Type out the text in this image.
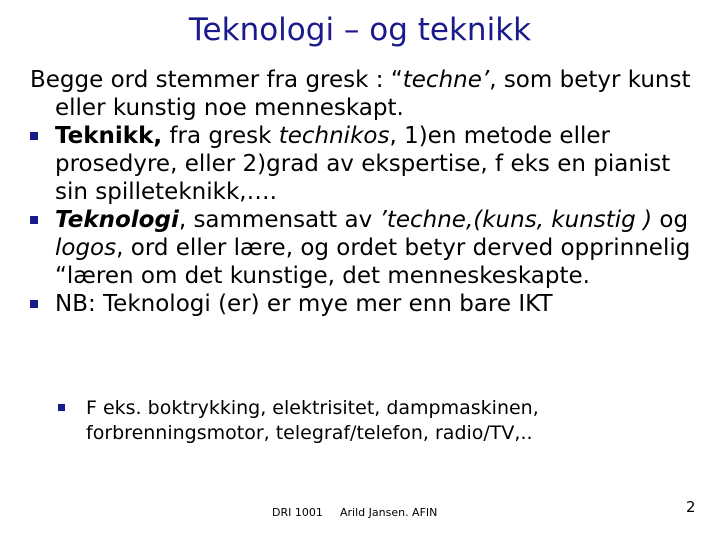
Teknologi – og teknikk
Begge ord stemmer fra gresk : “techne’, som betyr kunst eller kunstig noe menneskapt.
Teknikk, fra gresk technikos, 1)en metode eller prosedyre, eller 2)grad av ekspertise, f eks en pianist sin spilleteknikk,….
Teknologi, sammensatt av ’techne,(kuns, kunstig ) og logos, ord eller lære, og ordet betyr derved opprinnelig “læren om det kunstige, det menneskeskapte.
NB: Teknologi (er) er mye mer enn bare IKT
F eks. boktrykking, elektrisitet, dampmaskinen, forbrenningsmotor, telegraf/telefon, radio/TV,..
DRI 1001 Arild Jansen. AFIN	2
